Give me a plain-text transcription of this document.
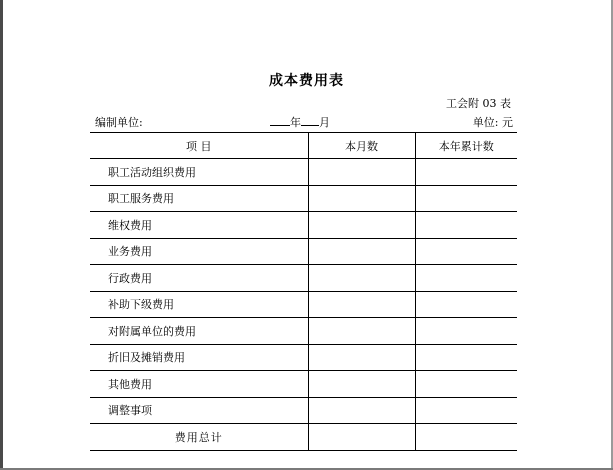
成本费用表
工会附 03 表
编制单位:	年 月	单位: 元
项 目	本月数	本年累计数
职工活动组织费用		
职工服务费用		
维权费用		
业务费用		
行政费用		
补助下级费用		
对附属单位的费用		
折旧及摊销费用		
其他费用		
调整事项		
费用总计		
